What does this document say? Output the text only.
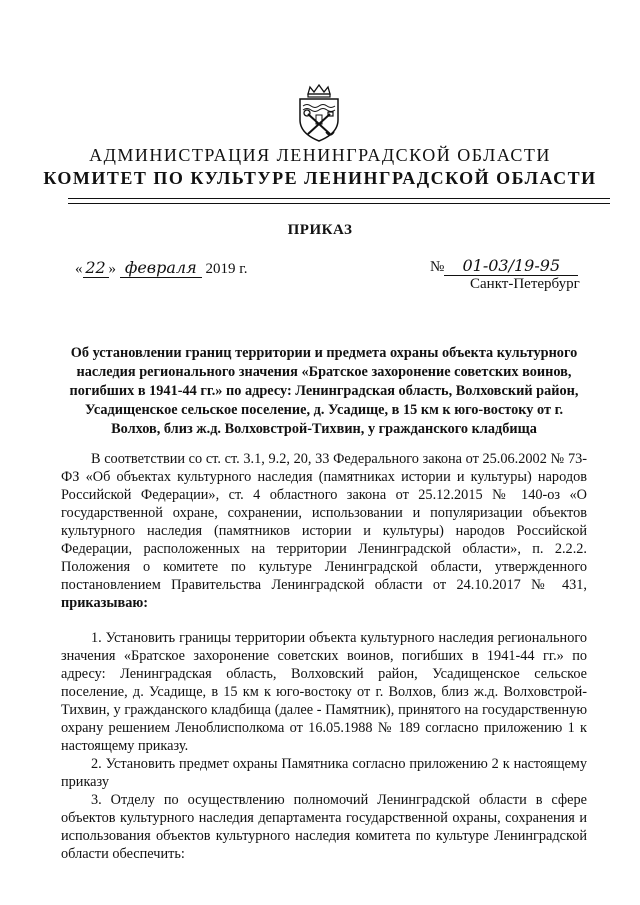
АДМИНИСТРАЦИЯ ЛЕНИНГРАДСКОЙ ОБЛАСТИ
КОМИТЕТ ПО КУЛЬТУРЕ ЛЕНИНГРАДСКОЙ ОБЛАСТИ
ПРИКАЗ
« 22 » февраля 2019 г.	№ 01-03/19-95
Санкт-Петербург
Об установлении границ территории и предмета охраны объекта культурного наследия регионального значения «Братское захоронение советских воинов, погибших в 1941-44 гг.» по адресу: Ленинградская область, Волховский район, Усадищенское сельское поселение, д. Усадище, в 15 км к юго-востоку от г. Волхов, близ ж.д. Волховстрой-Тихвин, у гражданского кладбища

В соответствии со ст. ст. 3.1, 9.2, 20, 33 Федерального закона от 25.06.2002 № 73-ФЗ «Об объектах культурного наследия (памятниках истории и культуры) народов Российской Федерации», ст. 4 областного закона от 25.12.2015 № 140-оз «О государственной охране, сохранении, использовании и популяризации объектов культурного наследия (памятников истории и культуры) народов Российской Федерации, расположенных на территории Ленинградской области», п. 2.2.2. Положения о комитете по культуре Ленинградской области, утвержденного постановлением Правительства Ленинградской области от 24.10.2017 № 431, приказываю:

1. Установить границы территории объекта культурного наследия регионального значения «Братское захоронение советских воинов, погибших в 1941-44 гг.» по адресу: Ленинградская область, Волховский район, Усадищенское сельское поселение, д. Усадище, в 15 км к юго-востоку от г. Волхов, близ ж.д. Волховстрой-Тихвин, у гражданского кладбища (далее - Памятник), принятого на государственную охрану решением Леноблисполкома от 16.05.1988 № 189 согласно приложению 1 к настоящему приказу.

2. Установить предмет охраны Памятника согласно приложению 2 к настоящему приказу

3. Отделу по осуществлению полномочий Ленинградской области в сфере объектов культурного наследия департамента государственной охраны, сохранения и использования объектов культурного наследия комитета по культуре Ленинградской области обеспечить:
